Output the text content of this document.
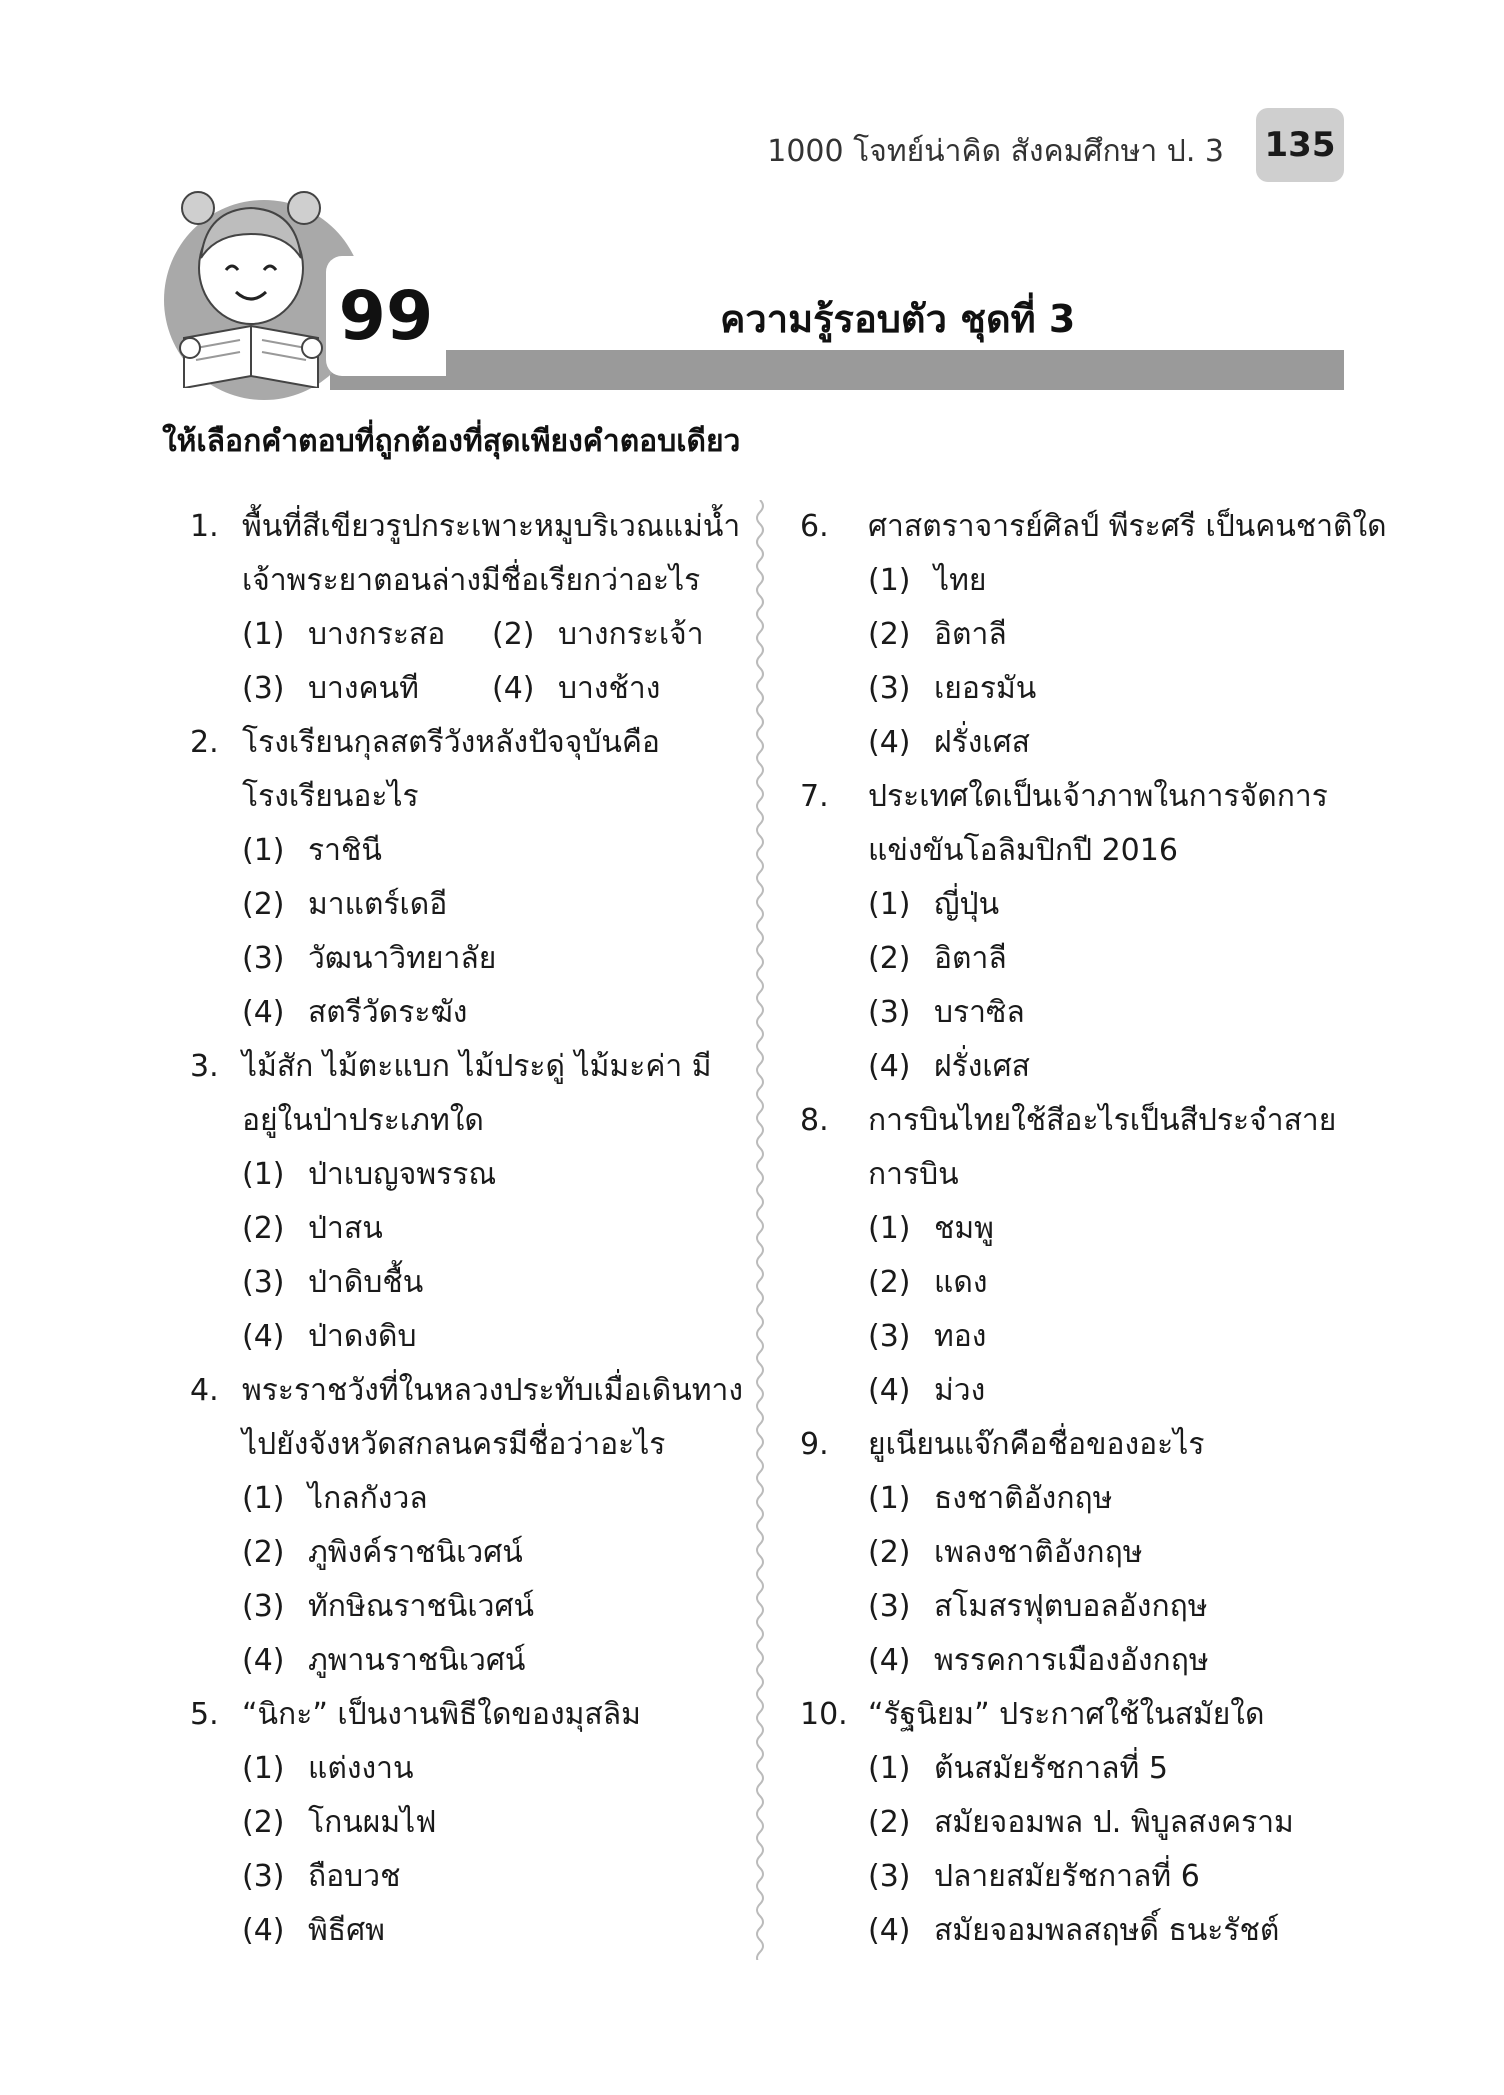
1000 โจทย์น่าคิด สังคมศึกษา ป. 3 135
99	ความรู้รอบตัว ชุดที่ 3
ให้เลือกคำตอบที่ถูกต้องที่สุดเพียงคำตอบเดียว
1. พื้นที่สีเขียวรูปกระเพาะหมูบริเวณแม่น้ำ
เจ้าพระยาตอนล่างมีชื่อเรียกว่าอะไร
(1) บางกระสอ (2) บางกระเจ้า
(3) บางคนที (4) บางช้าง
2. โรงเรียนกุลสตรีวังหลังปัจจุบันคือ
โรงเรียนอะไร
(1) ราชินี
(2) มาแตร์เดอี
(3) วัฒนาวิทยาลัย
(4) สตรีวัดระฆัง
3. ไม้สัก ไม้ตะแบก ไม้ประดู่ ไม้มะค่า มี
อยู่ในป่าประเภทใด
(1) ป่าเบญจพรรณ
(2) ป่าสน
(3) ป่าดิบชื้น
(4) ป่าดงดิบ
4. พระราชวังที่ในหลวงประทับเมื่อเดินทาง
ไปยังจังหวัดสกลนครมีชื่อว่าอะไร
(1) ไกลกังวล
(2) ภูพิงค์ราชนิเวศน์
(3) ทักษิณราชนิเวศน์
(4) ภูพานราชนิเวศน์
5. “นิกะ” เป็นงานพิธีใดของมุสลิม
(1) แต่งงาน
(2) โกนผมไฟ
(3) ถือบวช
(4) พิธีศพ
6.	ศาสตราจารย์ศิลป์ พีระศรี เป็นคนชาติใด
(1) ไทย
(2) อิตาลี
(3) เยอรมัน
(4) ฝรั่งเศส
7.	ประเทศใดเป็นเจ้าภาพในการจัดการ
แข่งขันโอลิมปิกปี 2016
(1) ญี่ปุ่น
(2) อิตาลี
(3) บราซิล
(4) ฝรั่งเศส
8.	การบินไทยใช้สีอะไรเป็นสีประจำสาย
การบิน
(1) ชมพู
(2) แดง
(3) ทอง
(4) ม่วง
9.	ยูเนียนแจ๊กคือชื่อของอะไร
(1) ธงชาติอังกฤษ
(2) เพลงชาติอังกฤษ
(3) สโมสรฟุตบอลอังกฤษ
(4) พรรคการเมืองอังกฤษ
10. “รัฐนิยม” ประกาศใช้ในสมัยใด
(1) ต้นสมัยรัชกาลที่ 5
(2) สมัยจอมพล ป. พิบูลสงคราม
(3) ปลายสมัยรัชกาลที่ 6
(4) สมัยจอมพลสฤษดิ์ ธนะรัชต์
